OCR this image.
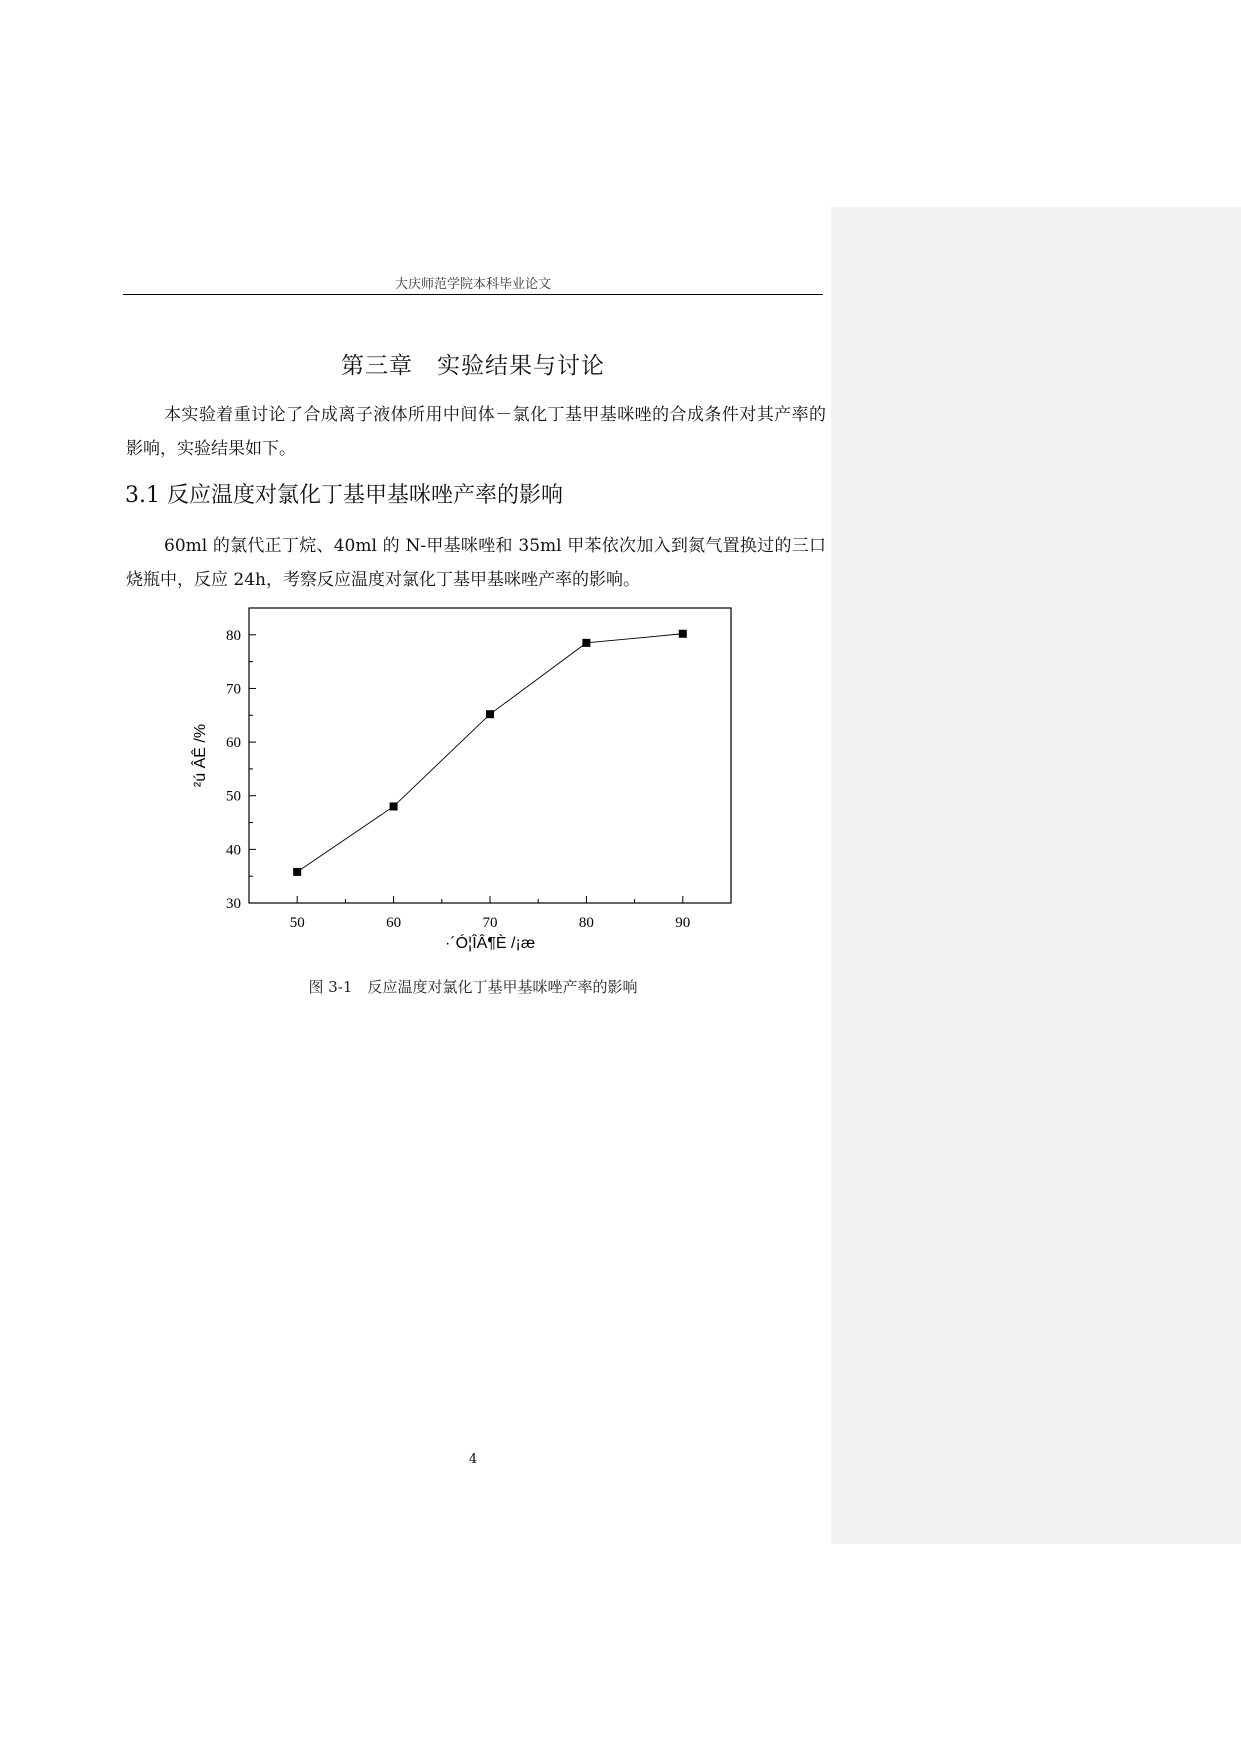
大庆师范学院本科毕业论文
第三章　实验结果与讨论
本实验着重讨论了合成离子液体所用中间体－氯化丁基甲基咪唑的合成条件对其产率的影响，实验结果如下。
3.1 反应温度对氯化丁基甲基咪唑产率的影响
60ml 的氯代正丁烷、40ml 的 N-甲基咪唑和 35ml 甲苯依次加入到氮气置换过的三口烧瓶中，反应 24h，考察反应温度对氯化丁基甲基咪唑产率的影响。
50	60	70	80	90
30
40
50
60
70
80
·´Ó¦ÎÂ¶È /¡æ
²ú ÂÊ /%
图 3-1　反应温度对氯化丁基甲基咪唑产率的影响
4
